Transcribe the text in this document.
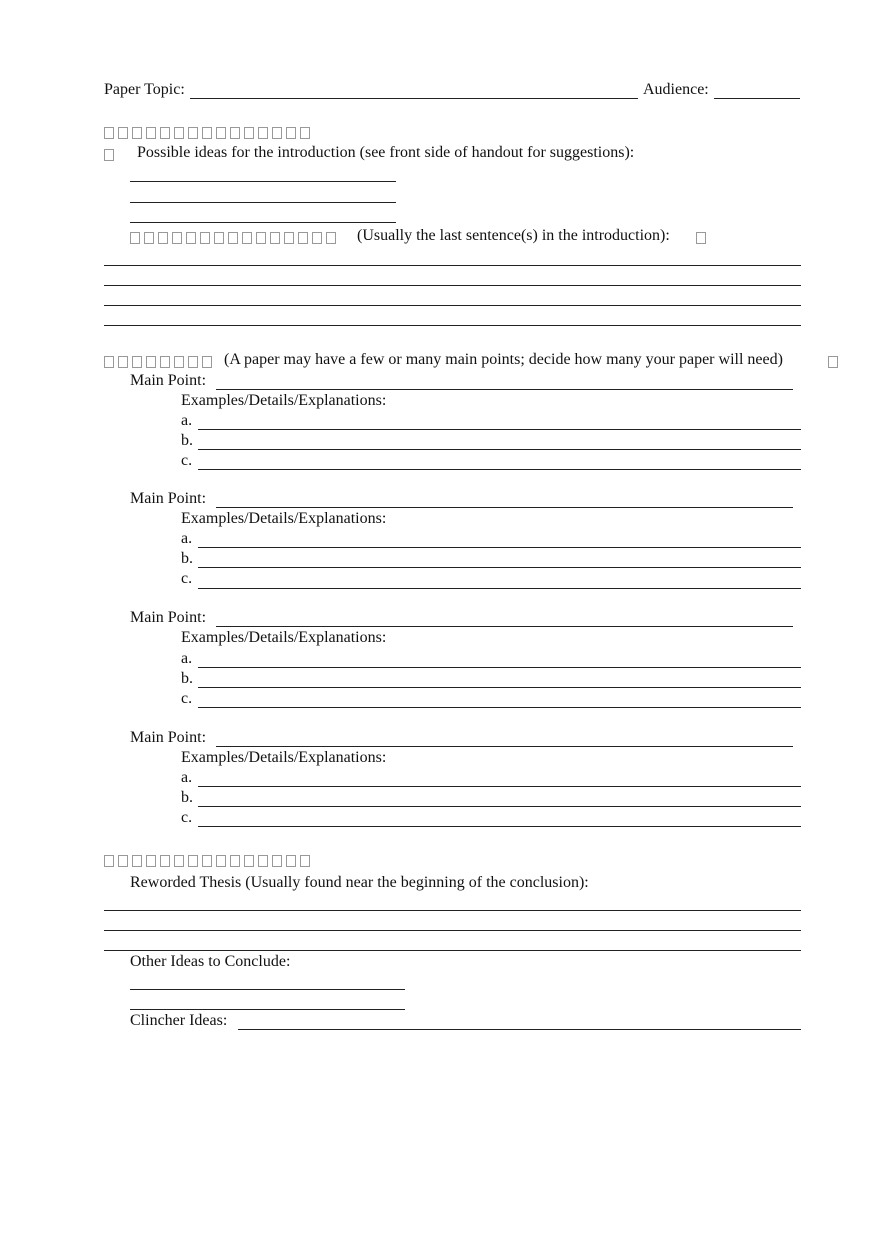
Paper Topic:	Audience:
Possible ideas for the introduction (see front side of handout for suggestions):
(Usually the last sentence(s) in the introduction):
(A paper may have a few or many main points; decide how many your paper will need)
Main Point:
Examples/Details/Explanations:
a.
b.
c.
Main Point:
Examples/Details/Explanations:
a.
b.
c.
Main Point:
Examples/Details/Explanations:
a.
b.
c.
Main Point:
Examples/Details/Explanations:
a.
b.
c.
Reworded Thesis (Usually found near the beginning of the conclusion):
Other Ideas to Conclude:
Clincher Ideas:
